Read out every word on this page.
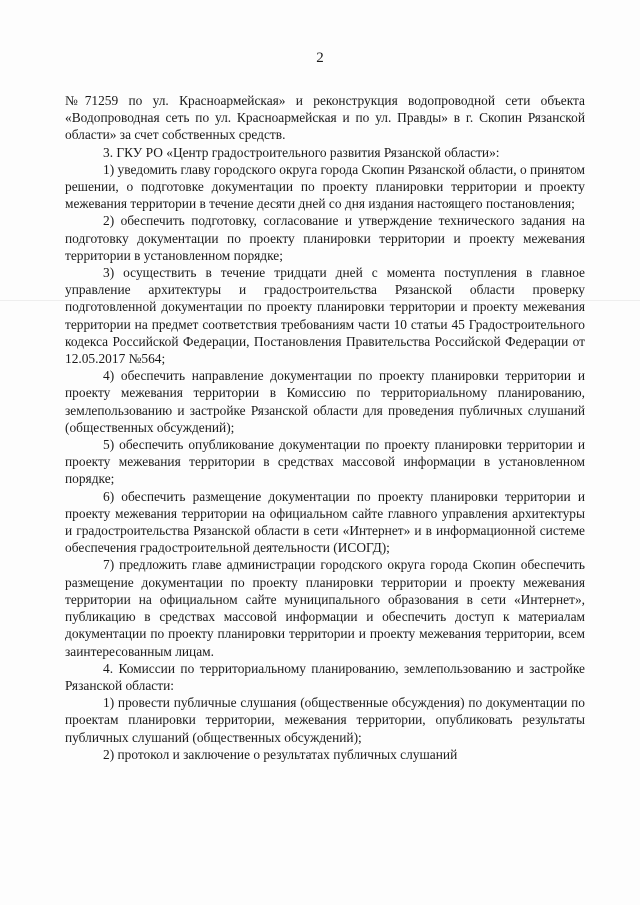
2

№71259 по ул. Красноармейская» и реконструкция водопроводной сети объекта «Водопроводная сеть по ул. Красноармейская и по ул. Правды» в г. Скопин Рязанской области» за счет собственных средств.

3. ГКУ РО «Центр градостроительного развития Рязанской области»:

1) уведомить главу городского округа города Скопин Рязанской области, о принятом решении, о подготовке документации по проекту планировки территории и проекту межевания территории в течение десяти дней со дня издания настоящего постановления;

2) обеспечить подготовку, согласование и утверждение технического задания на подготовку документации по проекту планировки территории и проекту межевания территории в установленном порядке;

3) осуществить в течение тридцати дней с момента поступления в главное управление архитектуры и градостроительства Рязанской области проверку подготовленной документации по проекту планировки территории и проекту межевания территории на предмет соответствия требованиям части 10 статьи 45 Градостроительного кодекса Российской Федерации, Постановления Правительства Российской Федерации от 12.05.2017 №564;

4) обеспечить направление документации по проекту планировки территории и проекту межевания территории в Комиссию по территориальному планированию, землепользованию и застройке Рязанской области для проведения публичных слушаний (общественных обсуждений);

5) обеспечить опубликование документации по проекту планировки территории и проекту межевания территории в средствах массовой информации в установленном порядке;

6) обеспечить размещение документации по проекту планировки территории и проекту межевания территории на официальном сайте главного управления архитектуры и градостроительства Рязанской области в сети «Интернет» и в информационной системе обеспечения градостроительной деятельности (ИСОГД);

7) предложить главе администрации городского округа города Скопин обеспечить размещение документации по проекту планировки территории и проекту межевания территории на официальном сайте муниципального образования в сети «Интернет», публикацию в средствах массовой информации и обеспечить доступ к материалам документации по проекту планировки территории и проекту межевания территории, всем заинтересованным лицам.

4. Комиссии по территориальному планированию, землепользованию и застройке Рязанской области:

1) провести публичные слушания (общественные обсуждения) по документации по проектам планировки территории, межевания территории, опубликовать результаты публичных слушаний (общественных обсуждений);

2) протокол и заключение о результатах публичных слушаний
